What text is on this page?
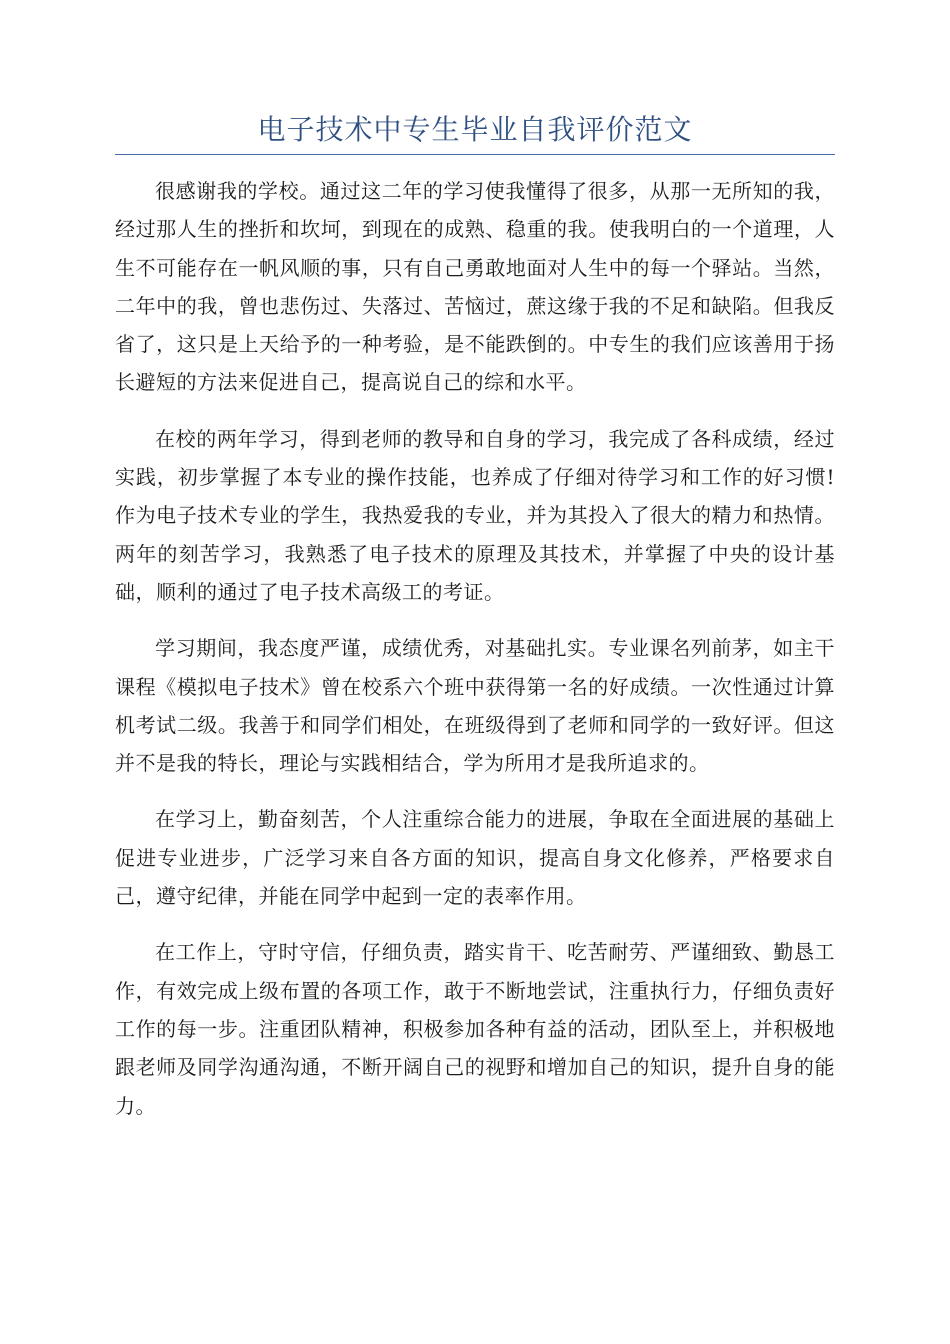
电子技术中专生毕业自我评价范文

很感谢我的学校。通过这二年的学习使我懂得了很多，从那一无所知的我，经过那人生的挫折和坎坷，到现在的成熟、稳重的我。使我明白的一个道理，人生不可能存在一帆风顺的事，只有自己勇敢地面对人生中的每一个驿站。当然，二年中的我，曾也悲伤过、失落过、苦恼过，蔗这缘于我的不足和缺陷。但我反省了，这只是上天给予的一种考验，是不能跌倒的。中专生的我们应该善用于扬长避短的方法来促进自己，提高说自己的综和水平。

在校的两年学习，得到老师的教导和自身的学习，我完成了各科成绩，经过实践，初步掌握了本专业的操作技能，也养成了仔细对待学习和工作的好习惯!作为电子技术专业的学生，我热爱我的专业，并为其投入了很大的精力和热情。两年的刻苦学习，我熟悉了电子技术的原理及其技术，并掌握了中央的设计基础，顺利的通过了电子技术高级工的考证。

学习期间，我态度严谨，成绩优秀，对基础扎实。专业课名列前茅，如主干课程《模拟电子技术》曾在校系六个班中获得第一名的好成绩。一次性通过计算机考试二级。我善于和同学们相处，在班级得到了老师和同学的一致好评。但这并不是我的特长，理论与实践相结合，学为所用才是我所追求的。

在学习上，勤奋刻苦，个人注重综合能力的进展，争取在全面进展的基础上促进专业进步，广泛学习来自各方面的知识，提高自身文化修养，严格要求自己，遵守纪律，并能在同学中起到一定的表率作用。

在工作上，守时守信，仔细负责，踏实肯干、吃苦耐劳、严谨细致、勤恳工作，有效完成上级布置的各项工作，敢于不断地尝试，注重执行力，仔细负责好工作的每一步。注重团队精神，积极参加各种有益的活动，团队至上，并积极地跟老师及同学沟通沟通，不断开阔自己的视野和增加自己的知识，提升自身的能力。
